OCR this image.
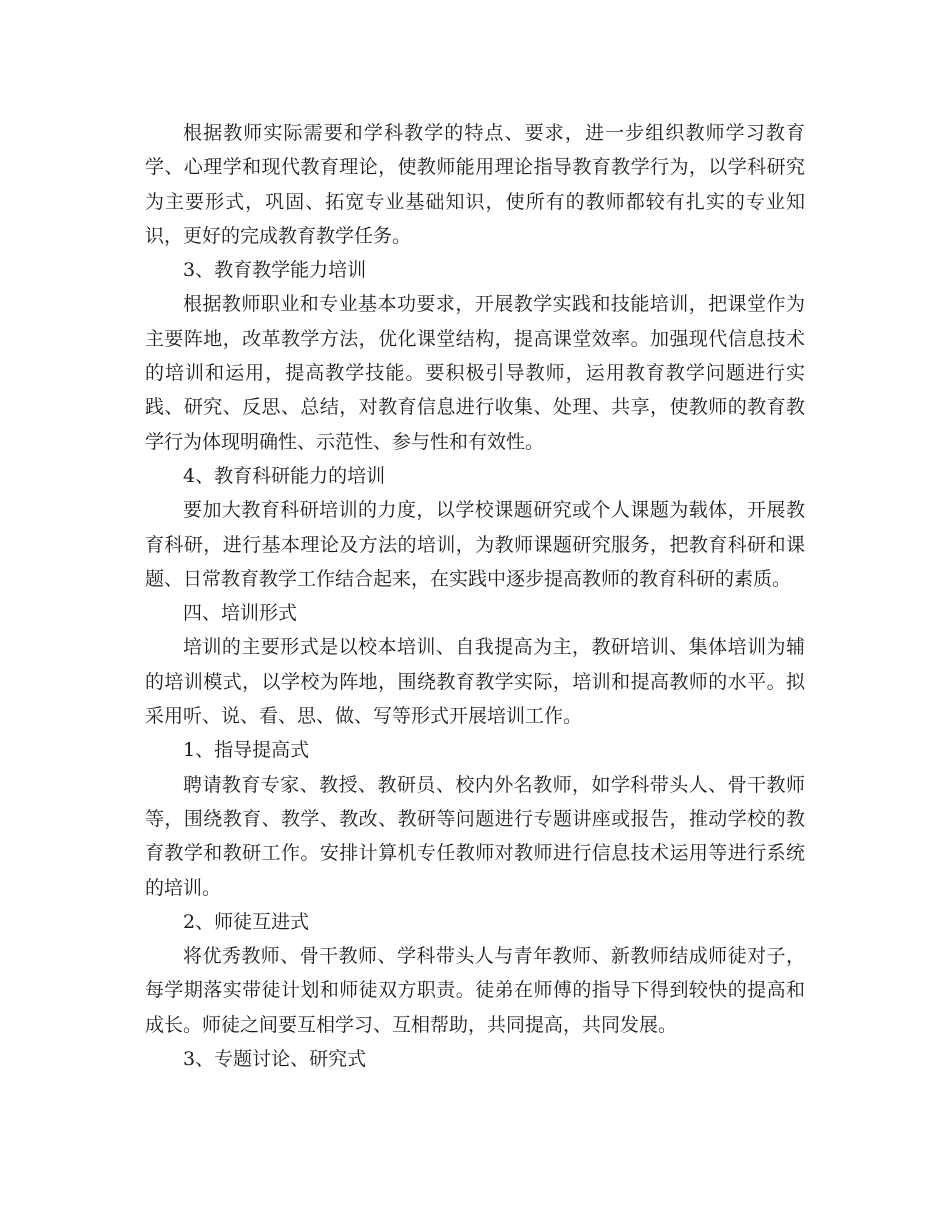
根据教师实际需要和学科教学的特点、要求，进一步组织教师学习教育学、心理学和现代教育理论，使教师能用理论指导教育教学行为，以学科研究为主要形式，巩固、拓宽专业基础知识，使所有的教师都较有扎实的专业知识，更好的完成教育教学任务。

3、教育教学能力培训

根据教师职业和专业基本功要求，开展教学实践和技能培训，把课堂作为主要阵地，改革教学方法，优化课堂结构，提高课堂效率。加强现代信息技术的培训和运用，提高教学技能。要积极引导教师，运用教育教学问题进行实践、研究、反思、总结，对教育信息进行收集、处理、共享，使教师的教育教学行为体现明确性、示范性、参与性和有效性。

4、教育科研能力的培训

要加大教育科研培训的力度，以学校课题研究或个人课题为载体，开展教育科研，进行基本理论及方法的培训，为教师课题研究服务，把教育科研和课题、日常教育教学工作结合起来，在实践中逐步提高教师的教育科研的素质。

四、培训形式

培训的主要形式是以校本培训、自我提高为主，教研培训、集体培训为辅的培训模式，以学校为阵地，围绕教育教学实际，培训和提高教师的水平。拟采用听、说、看、思、做、写等形式开展培训工作。

1、指导提高式

聘请教育专家、教授、教研员、校内外名教师，如学科带头人、骨干教师等，围绕教育、教学、教改、教研等问题进行专题讲座或报告，推动学校的教育教学和教研工作。安排计算机专任教师对教师进行信息技术运用等进行系统的培训。

2、师徒互进式

将优秀教师、骨干教师、学科带头人与青年教师、新教师结成师徒对子，每学期落实带徒计划和师徒双方职责。徒弟在师傅的指导下得到较快的提高和成长。师徒之间要互相学习、互相帮助，共同提高，共同发展。

3、专题讨论、研究式
